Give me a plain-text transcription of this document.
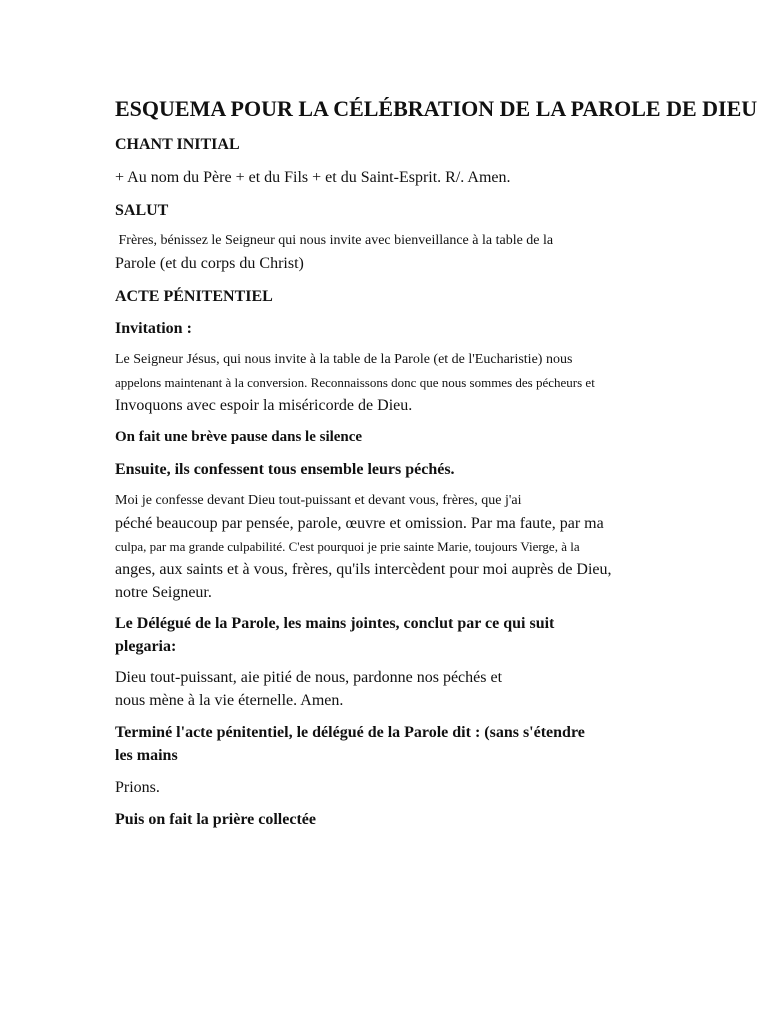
ESQUEMA POUR LA CÉLÉBRATION DE LA PAROLE DE DIEU
CHANT INITIAL
+ Au nom du Père + et du Fils + et du Saint-Esprit. R/. Amen.
SALUT
Frères, bénissez le Seigneur qui nous invite avec bienveillance à la table de la
Parole (et du corps du Christ)
ACTE PÉNITENTIEL
Invitation :
Le Seigneur Jésus, qui nous invite à la table de la Parole (et de l'Eucharistie) nous
appelons maintenant à la conversion. Reconnaissons donc que nous sommes des pécheurs et
Invoquons avec espoir la miséricorde de Dieu.
On fait une brève pause dans le silence
Ensuite, ils confessent tous ensemble leurs péchés.
Moi je confesse devant Dieu tout-puissant et devant vous, frères, que j'ai
péché beaucoup par pensée, parole, œuvre et omission. Par ma faute, par ma
culpa, par ma grande culpabilité. C'est pourquoi je prie sainte Marie, toujours Vierge, à la
anges, aux saints et à vous, frères, qu'ils intercèdent pour moi auprès de Dieu,
notre Seigneur.
Le Délégué de la Parole, les mains jointes, conclut par ce qui suit
plegaria:
Dieu tout-puissant, aie pitié de nous, pardonne nos péchés et
nous mène à la vie éternelle. Amen.
Terminé l'acte pénitentiel, le délégué de la Parole dit : (sans s'étendre
les mains
Prions.
Puis on fait la prière collectée
